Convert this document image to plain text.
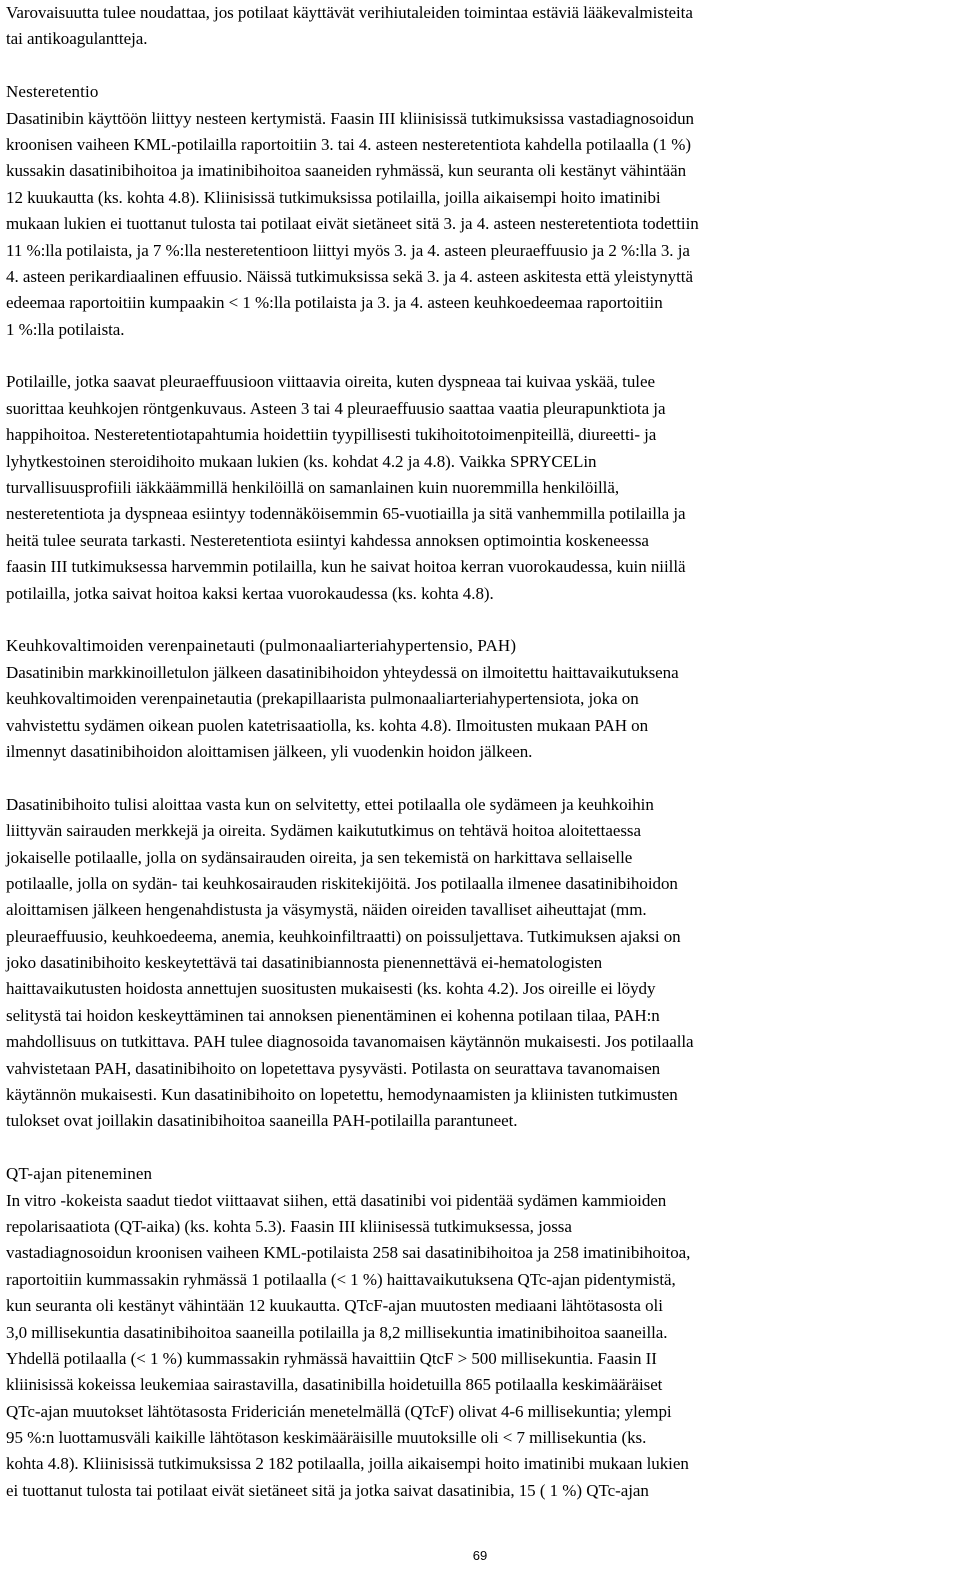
Varovaisuutta tulee noudattaa, jos potilaat käyttävät verihiutaleiden toimintaa estäviä lääkevalmisteita
tai antikoagulantteja.
Nesteretentio
Dasatinibin käyttöön liittyy nesteen kertymistä. Faasin III kliinisissä tutkimuksissa vastadiagnosoidun
kroonisen vaiheen KML-potilailla raportoitiin 3. tai 4. asteen nesteretentiota kahdella potilaalla (1 %)
kussakin dasatinibihoitoa ja imatinibihoitoa saaneiden ryhmässä, kun seuranta oli kestänyt vähintään
12 kuukautta (ks. kohta 4.8). Kliinisissä tutkimuksissa potilailla, joilla aikaisempi hoito imatinibi
mukaan lukien ei tuottanut tulosta tai potilaat eivät sietäneet sitä 3. ja 4. asteen nesteretentiota todettiin
11 %:lla potilaista, ja 7 %:lla nesteretentioon liittyi myös 3. ja 4. asteen pleuraeffuusio ja 2 %:lla 3. ja
4. asteen perikardiaalinen effuusio. Näissä tutkimuksissa sekä 3. ja 4. asteen askitesta että yleistynyttä
edeemaa raportoitiin kumpaakin < 1 %:lla potilaista ja 3. ja 4. asteen keuhkoedeemaa raportoitiin
1 %:lla potilaista.
Potilaille, jotka saavat pleuraeffuusioon viittaavia oireita, kuten dyspneaa tai kuivaa yskää, tulee
suorittaa keuhkojen röntgenkuvaus. Asteen 3 tai 4 pleuraeffuusio saattaa vaatia pleurapunktiota ja
happihoitoa. Nesteretentiotapahtumia hoidettiin tyypillisesti tukihoitotoimenpiteillä, diureetti- ja
lyhytkestoinen steroidihoito mukaan lukien (ks. kohdat 4.2 ja 4.8). Vaikka SPRYCELin
turvallisuusprofiili iäkkäämmillä henkilöillä on samanlainen kuin nuoremmilla henkilöillä,
nesteretentiota ja dyspneaa esiintyy todennäköisemmin 65-vuotiailla ja sitä vanhemmilla potilailla ja
heitä tulee seurata tarkasti. Nesteretentiota esiintyi kahdessa annoksen optimointia koskeneessa
faasin III tutkimuksessa harvemmin potilailla, kun he saivat hoitoa kerran vuorokaudessa, kuin niillä
potilailla, jotka saivat hoitoa kaksi kertaa vuorokaudessa (ks. kohta 4.8).
Keuhkovaltimoiden verenpainetauti (pulmonaaliarteriahypertensio, PAH)
Dasatinibin markkinoilletulon jälkeen dasatinibihoidon yhteydessä on ilmoitettu haittavaikutuksena
keuhkovaltimoiden verenpainetautia (prekapillaarista pulmonaaliarteriahypertensiota, joka on
vahvistettu sydämen oikean puolen katetrisaatiolla, ks. kohta 4.8). Ilmoitusten mukaan PAH on
ilmennyt dasatinibihoidon aloittamisen jälkeen, yli vuodenkin hoidon jälkeen.
Dasatinibihoito tulisi aloittaa vasta kun on selvitetty, ettei potilaalla ole sydämeen ja keuhkoihin
liittyvän sairauden merkkejä ja oireita. Sydämen kaikututkimus on tehtävä hoitoa aloitettaessa
jokaiselle potilaalle, jolla on sydänsairauden oireita, ja sen tekemistä on harkittava sellaiselle
potilaalle, jolla on sydän- tai keuhkosairauden riskitekijöitä. Jos potilaalla ilmenee dasatinibihoidon
aloittamisen jälkeen hengenahdistusta ja väsymystä, näiden oireiden tavalliset aiheuttajat (mm.
pleuraeffuusio, keuhkoedeema, anemia, keuhkoinfiltraatti) on poissuljettava. Tutkimuksen ajaksi on
joko dasatinibihoito keskeytettävä tai dasatinibiannosta pienennettävä ei-hematologisten
haittavaikutusten hoidosta annettujen suositusten mukaisesti (ks. kohta 4.2). Jos oireille ei löydy
selitystä tai hoidon keskeyttäminen tai annoksen pienentäminen ei kohenna potilaan tilaa, PAH:n
mahdollisuus on tutkittava. PAH tulee diagnosoida tavanomaisen käytännön mukaisesti. Jos potilaalla
vahvistetaan PAH, dasatinibihoito on lopetettava pysyvästi. Potilasta on seurattava tavanomaisen
käytännön mukaisesti. Kun dasatinibihoito on lopetettu, hemodynaamisten ja kliinisten tutkimusten
tulokset ovat joillakin dasatinibihoitoa saaneilla PAH-potilailla parantuneet.
QT-ajan piteneminen
In vitro -kokeista saadut tiedot viittaavat siihen, että dasatinibi voi pidentää sydämen kammioiden
repolarisaatiota (QT-aika) (ks. kohta 5.3). Faasin III kliinisessä tutkimuksessa, jossa
vastadiagnosoidun kroonisen vaiheen KML-potilaista 258 sai dasatinibihoitoa ja 258 imatinibihoitoa,
raportoitiin kummassakin ryhmässä 1 potilaalla (< 1 %) haittavaikutuksena QTc-ajan pidentymistä,
kun seuranta oli kestänyt vähintään 12 kuukautta. QTcF-ajan muutosten mediaani lähtötasosta oli
3,0 millisekuntia dasatinibihoitoa saaneilla potilailla ja 8,2 millisekuntia imatinibihoitoa saaneilla.
Yhdellä potilaalla (< 1 %) kummassakin ryhmässä havaittiin QtcF > 500 millisekuntia. Faasin II
kliinisissä kokeissa leukemiaa sairastavilla, dasatinibilla hoidetuilla 865 potilaalla keskimääräiset
QTc-ajan muutokset lähtötasosta Fridericián menetelmällä (QTcF) olivat 4-6 millisekuntia; ylempi
95 %:n luottamusväli kaikille lähtötason keskimääräisille muutoksille oli < 7 millisekuntia (ks.
kohta 4.8). Kliinisissä tutkimuksissa 2 182 potilaalla, joilla aikaisempi hoito imatinibi mukaan lukien
ei tuottanut tulosta tai potilaat eivät sietäneet sitä ja jotka saivat dasatinibia, 15 ( 1 %) QTc-ajan
69
